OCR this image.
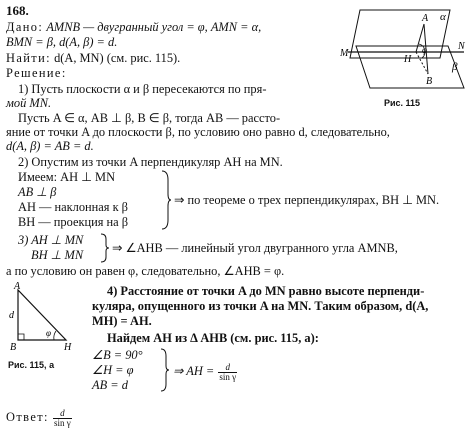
168.
Дано: AMNB — двугранный угол = φ, AMN = α,
BMN = β, d(A, β) = d.
Найти: d(A, MN) (см. рис. 115).
Решение:
1) Пусть плоскости α и β пересекаются по пря-
мой MN.
Пусть A ∈ α, AB ⊥ β, B ∈ β, тогда AB — рассто-
яние от точки A до плоскости β, по условию оно равно d, следовательно,
d(A, β) = AB = d.
2) Опустим из точки A перпендикуляр AH на MN.
Имеем: AH ⊥ MN
AB ⊥ β
AH — наклонная к β
BH — проекция на β
⇒ по теореме о трех перпендикулярах, BH ⊥ MN.
3) AH ⊥ MN
BH ⊥ MN ⇒ ∠AHB — линейный угол двугранного угла AMNB,
а по условию он равен φ, следовательно, ∠AHB = φ.
4) Расстояние от точки A до MN равно высоте перпенди-
куляра, опущенного из точки A на MN. Таким образом, d(A,
MH) = AH.
Найдем AH из Δ AHB (см. рис. 115, а):
∠B = 90°
∠H = φ
AB = d
⇒ AH = $\frac{d}{\text{sin γ}}$
Ответ: $\frac{d}{\text{sin γ}}$
α
β
A
B
M
N
H
φ
Рис. 115
A
B	H
d
φ
Рис. 115, а
